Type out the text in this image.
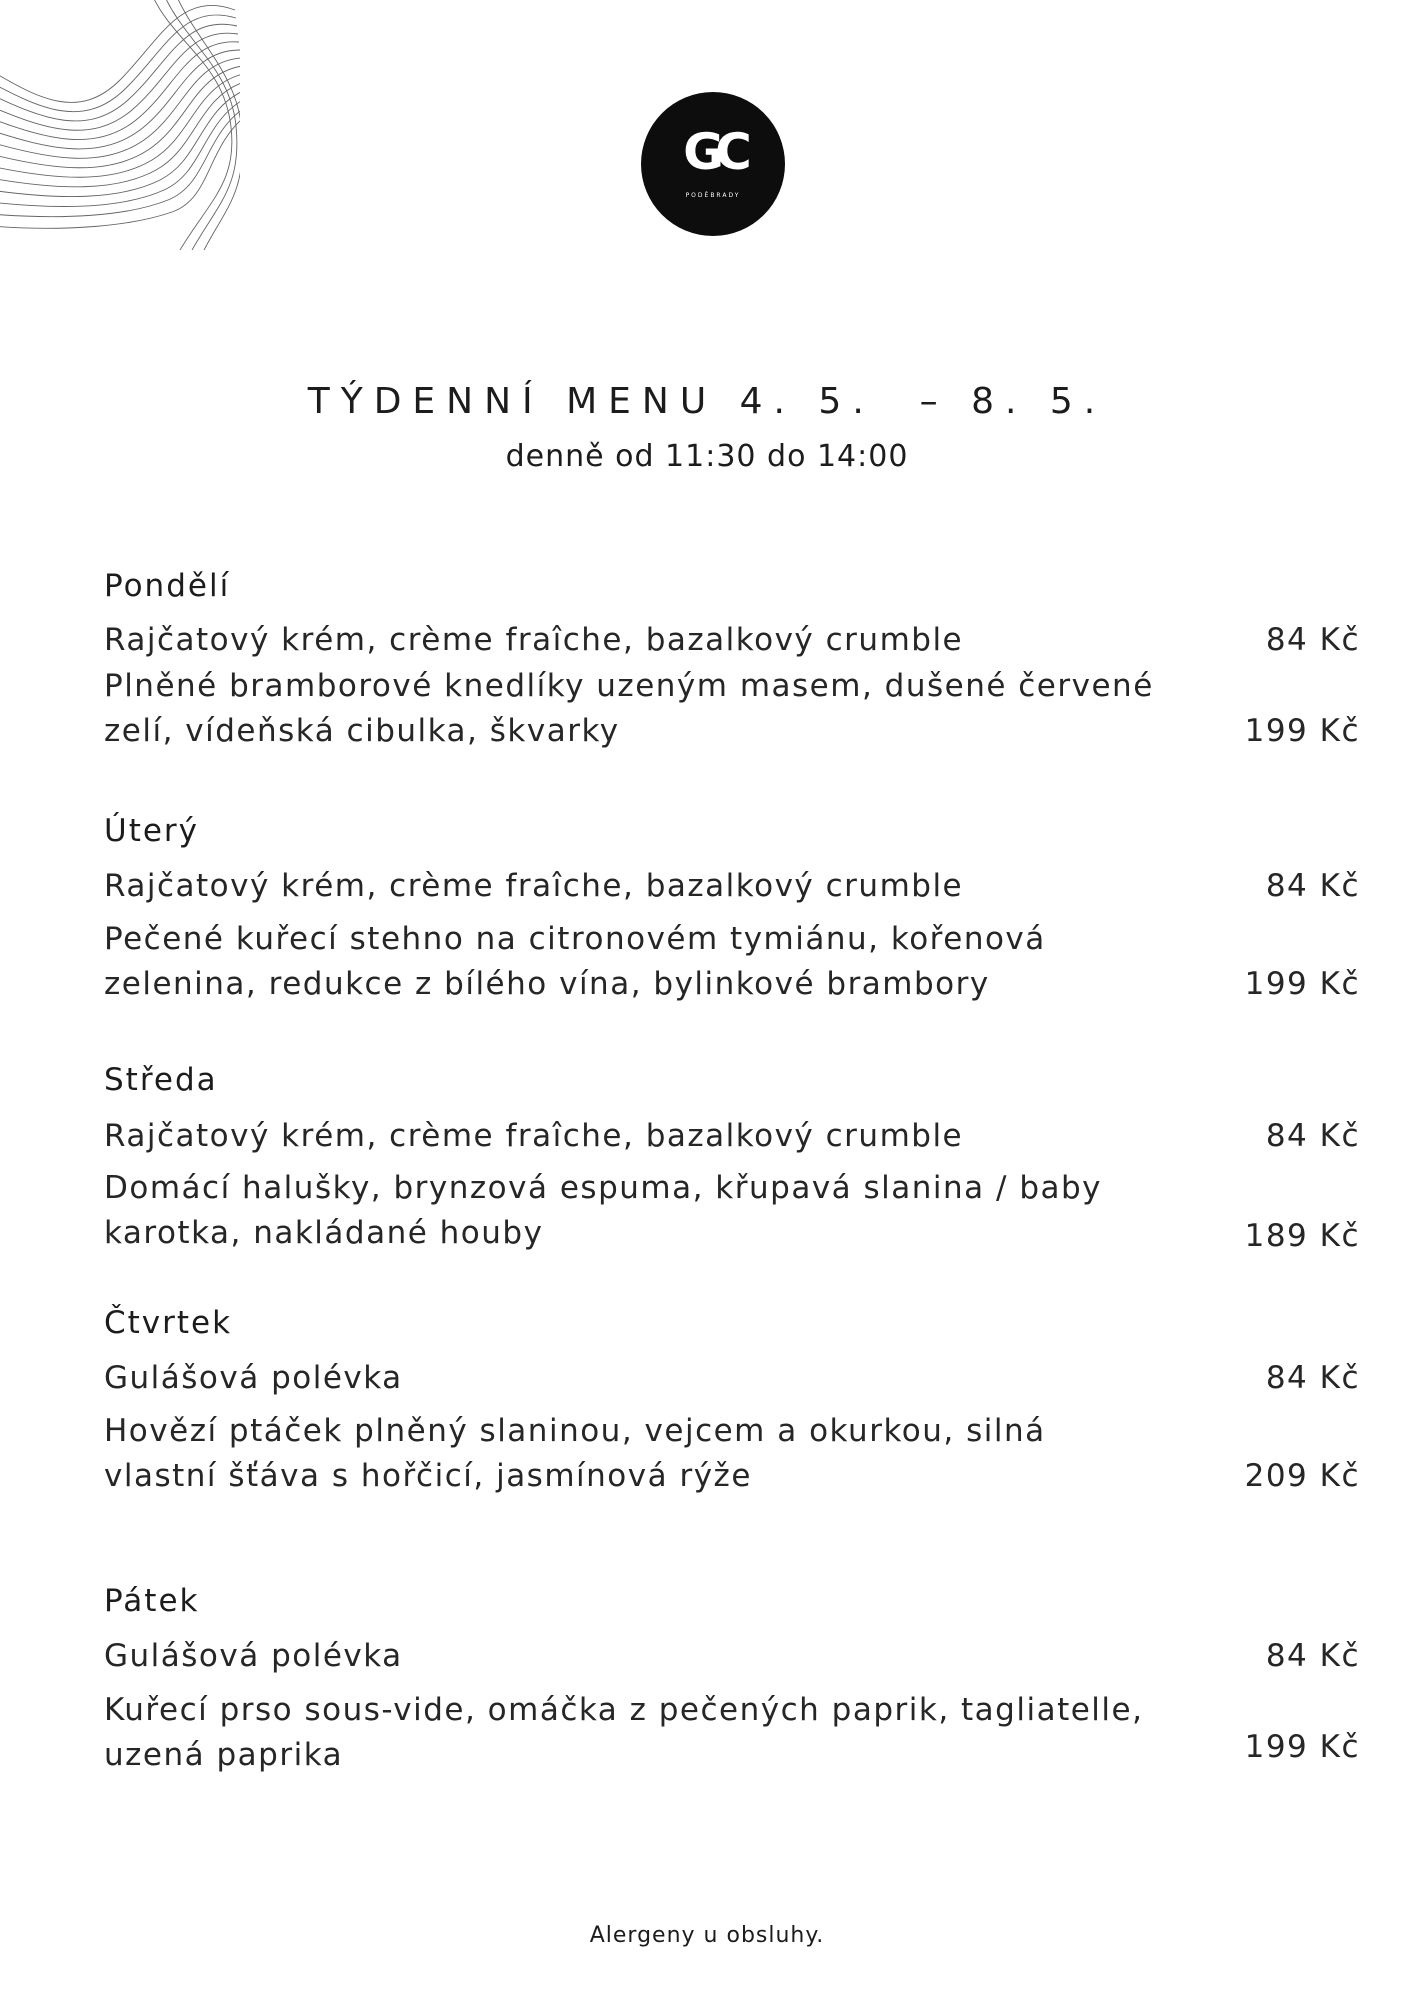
GC
PODĚBRADY
TÝDENNÍ MENU 4. 5.  – 8. 5.
denně od 11:30 do 14:00
Pondělí
Rajčatový krém, crème fraîche, bazalkový crumble	84 Kč
Plněné bramborové knedlíky uzeným masem, dušené červené zelí, vídeňská cibulka, škvarky	199 Kč
Úterý
Rajčatový krém, crème fraîche, bazalkový crumble	84 Kč
Pečené kuřecí stehno na citronovém tymiánu, kořenová zelenina, redukce z bílého vína, bylinkové brambory	199 Kč
Středa
Rajčatový krém, crème fraîche, bazalkový crumble	84 Kč
Domácí halušky, brynzová espuma, křupavá slanina / baby karotka, nakládané houby	189 Kč
Čtvrtek
Gulášová polévka	84 Kč
Hovězí ptáček plněný slaninou, vejcem a okurkou, silná vlastní šťáva s hořčicí, jasmínová rýže	209 Kč
Pátek
Gulášová polévka	84 Kč
Kuřecí prso sous-vide, omáčka z pečených paprik, tagliatelle, uzená paprika	199 Kč
Alergeny u obsluhy.
